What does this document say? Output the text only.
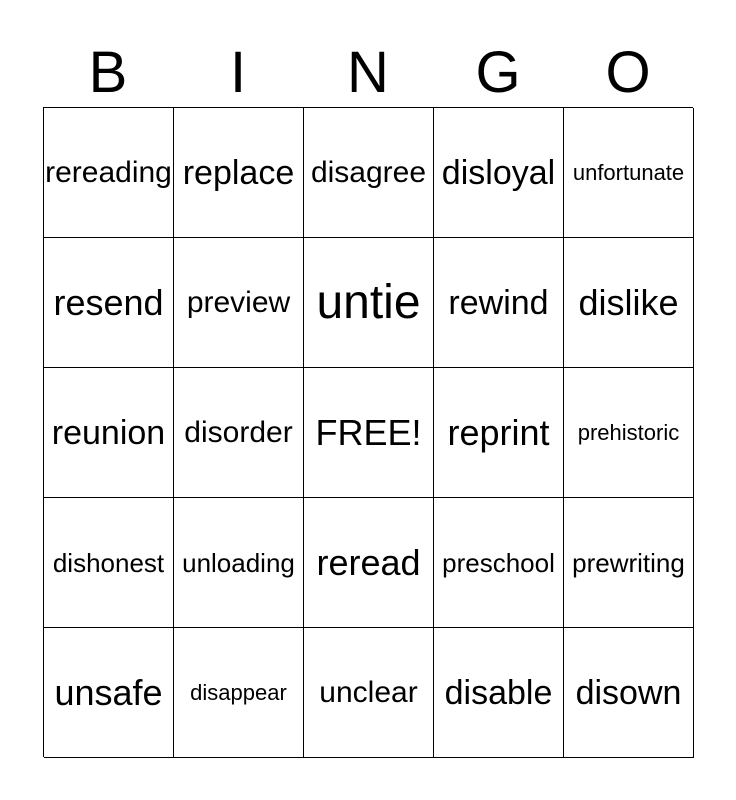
B	I	N	G	O
rereading replace disagree disloyal unfortunate
resend preview untie rewind dislike
reunion disorder FREE! reprint	prehistoric
dishonest unloading reread preschool prewriting
unsafe	disappear	unclear disable disown
